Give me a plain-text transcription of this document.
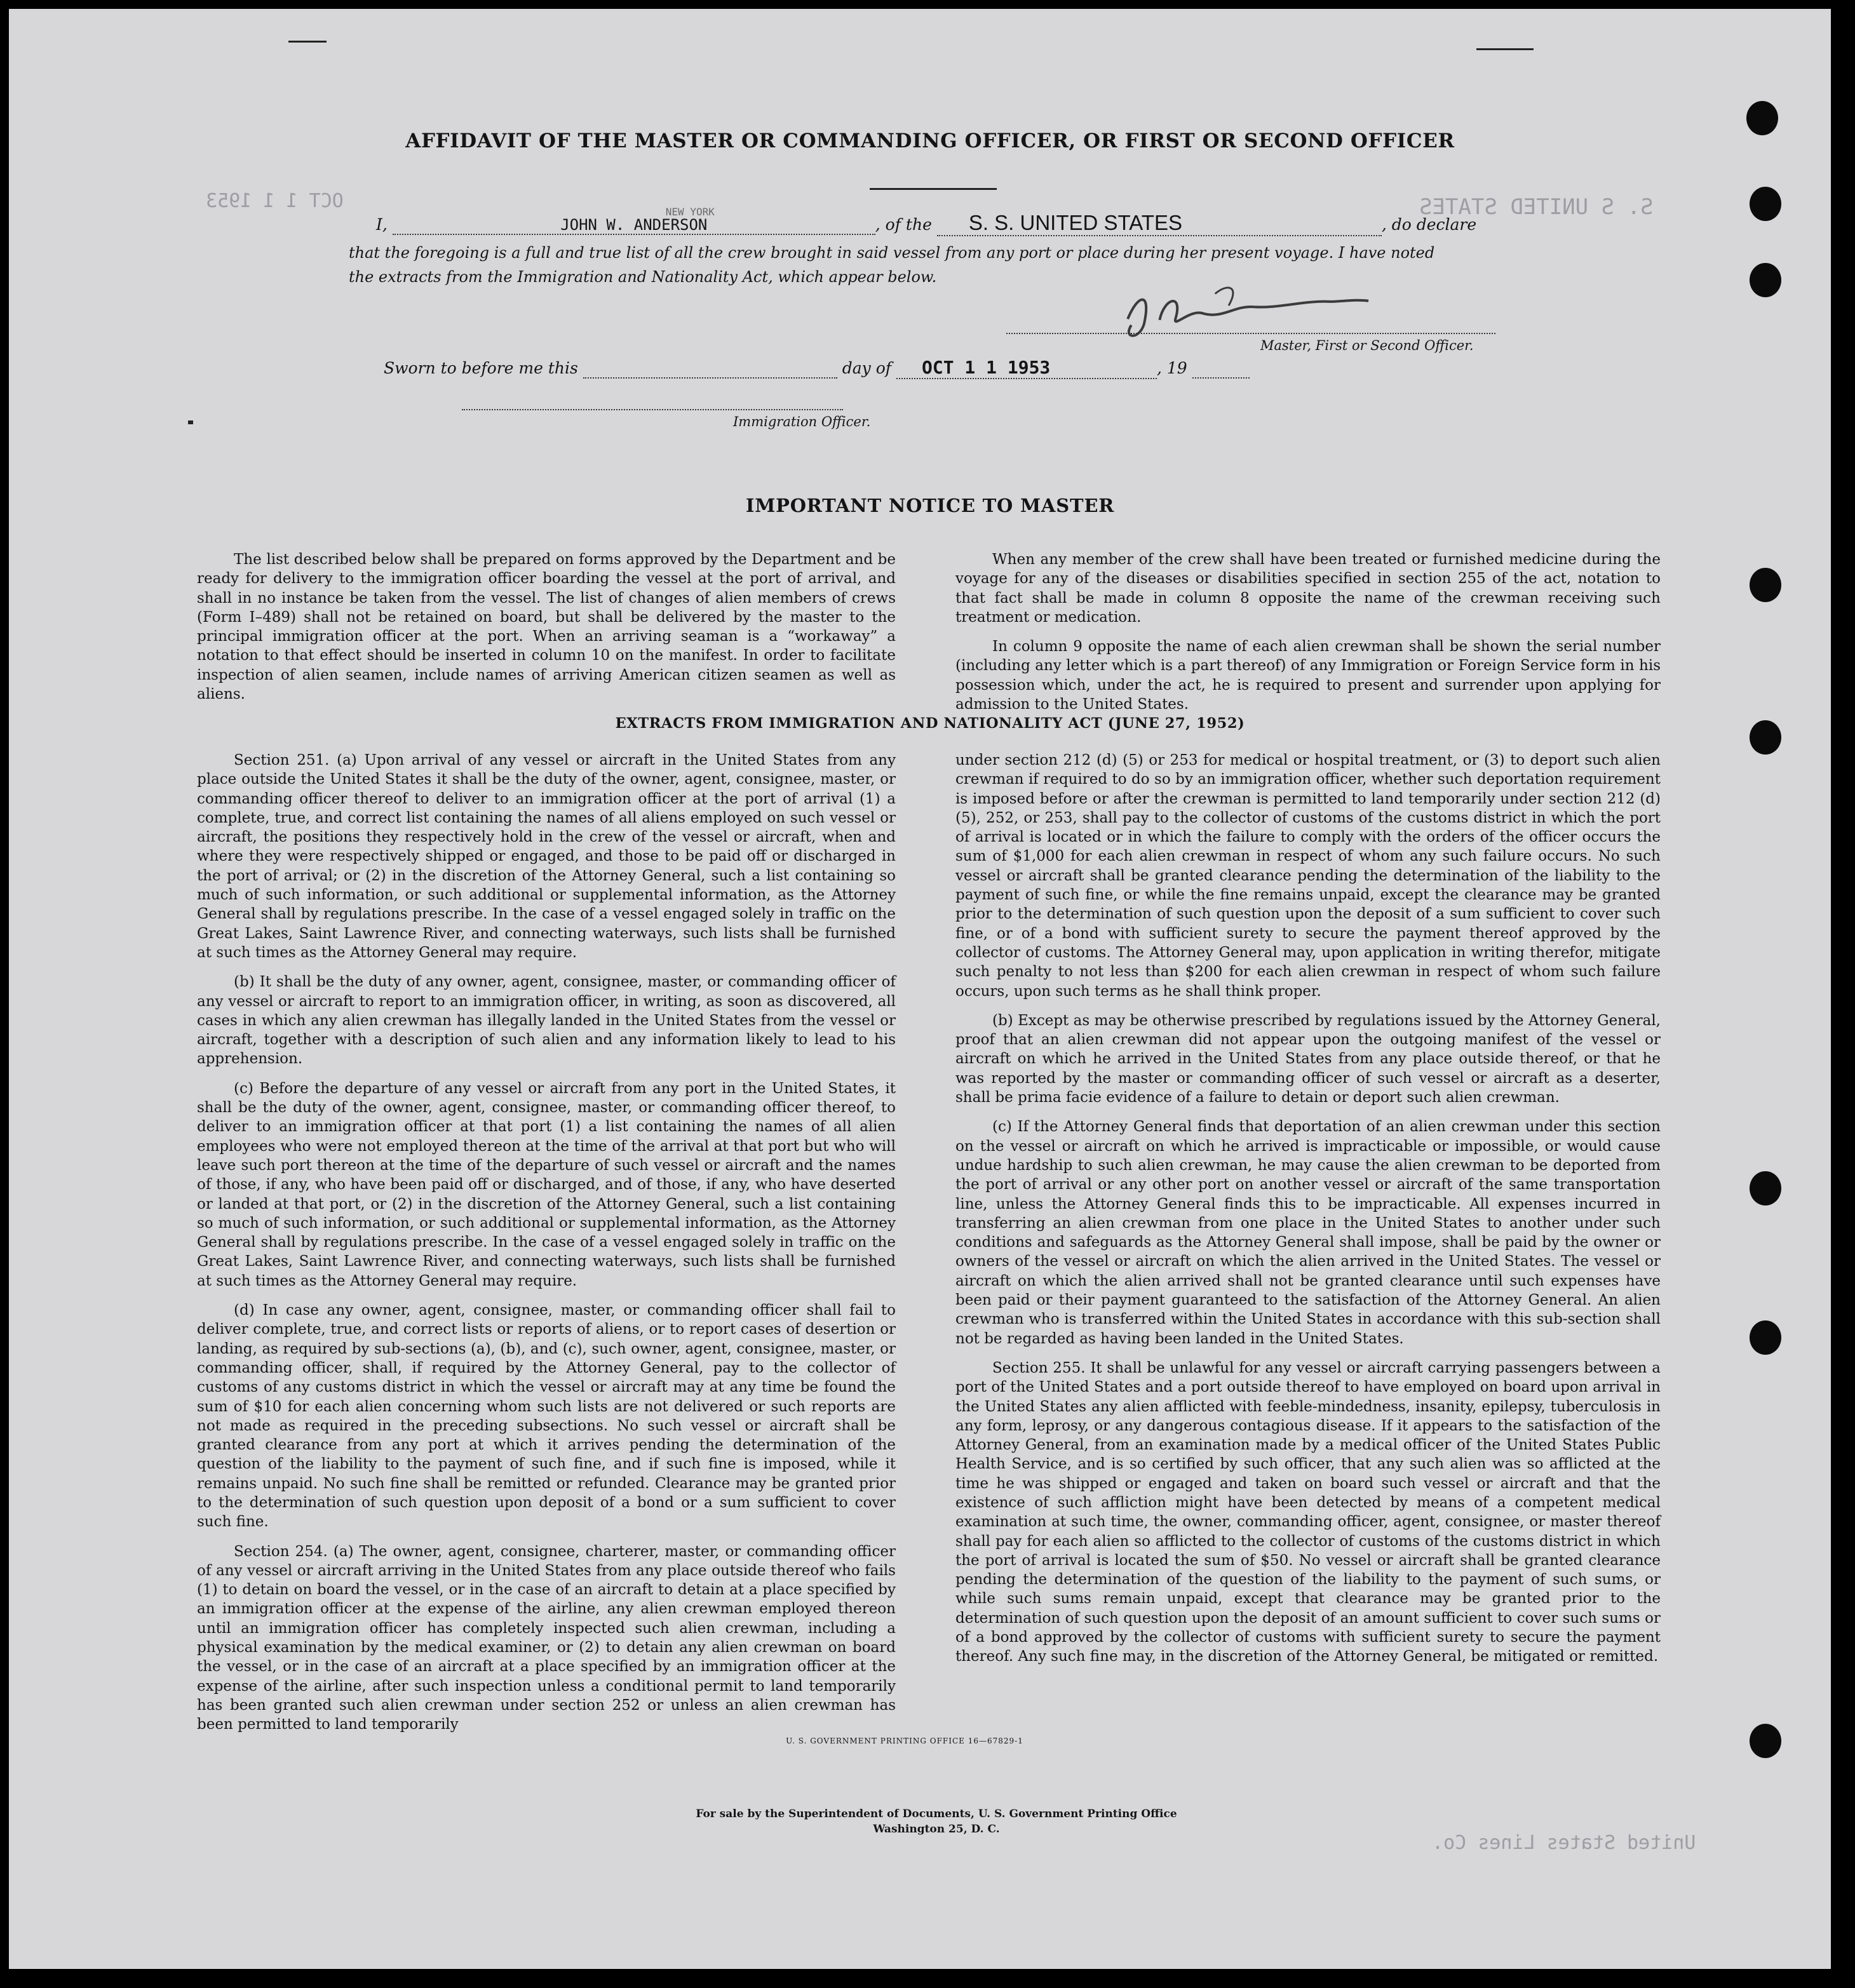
S. S UNITED STATES
OCT 1 1 1953
United States Lines Co.
AFFIDAVIT OF THE MASTER OR COMMANDING OFFICER, OR FIRST OR SECOND OFFICER
I,	JOHN W. ANDERSON
NEW YORK
, of the S. S. UNITED STATES	, do declare
that the foregoing is a full and true list of all the crew brought in said vessel from any port or place during her present voyage. I have noted
the extracts from the Immigration and Nationality Act, which appear below.
Master, First or Second Officer.
Sworn to before me this	day of OCT 1 1 1953	, 19
Immigration Officer.
IMPORTANT NOTICE TO MASTER

The list described below shall be prepared on forms approved by the Department and be ready for delivery to the immigration officer boarding the vessel at the port of arrival, and shall in no instance be taken from the vessel. The list of changes of alien members of crews (Form I–489) shall not be retained on board, but shall be delivered by the master to the principal immigration officer at the port. When an arriving seaman is a “workaway” a notation to that effect should be inserted in column 10 on the manifest. In order to facilitate inspection of alien seamen, include names of arriving American citizen seamen as well as aliens.

When any member of the crew shall have been treated or furnished medicine during the voyage for any of the diseases or disabilities specified in section 255 of the act, notation to that fact shall be made in column 8 opposite the name of the crewman receiving such treatment or medication.

In column 9 opposite the name of each alien crewman shall be shown the serial number (including any letter which is a part thereof) of any Immigration or Foreign Service form in his possession which, under the act, he is required to present and surrender upon applying for admission to the United States.

EXTRACTS FROM IMMIGRATION AND NATIONALITY ACT (JUNE 27, 1952)

Section 251. (a) Upon arrival of any vessel or aircraft in the United States from any place outside the United States it shall be the duty of the owner, agent, consignee, master, or commanding officer thereof to deliver to an immigration officer at the port of arrival (1) a complete, true, and correct list containing the names of all aliens employed on such vessel or aircraft, the positions they respectively hold in the crew of the vessel or aircraft, when and where they were respectively shipped or engaged, and those to be paid off or discharged in the port of arrival; or (2) in the discretion of the Attorney General, such a list containing so much of such information, or such additional or supplemental information, as the Attorney General shall by regulations prescribe. In the case of a vessel engaged solely in traffic on the Great Lakes, Saint Lawrence River, and connecting waterways, such lists shall be furnished at such times as the Attorney General may require.

(b) It shall be the duty of any owner, agent, consignee, master, or commanding officer of any vessel or aircraft to report to an immigration officer, in writing, as soon as discovered, all cases in which any alien crewman has illegally landed in the United States from the vessel or aircraft, together with a description of such alien and any information likely to lead to his apprehension.

(c) Before the departure of any vessel or aircraft from any port in the United States, it shall be the duty of the owner, agent, consignee, master, or commanding officer thereof, to deliver to an immigration officer at that port (1) a list containing the names of all alien employees who were not employed thereon at the time of the arrival at that port but who will leave such port thereon at the time of the departure of such vessel or aircraft and the names of those, if any, who have been paid off or discharged, and of those, if any, who have deserted or landed at that port, or (2) in the discretion of the Attorney General, such a list containing so much of such information, or such additional or supplemental information, as the Attorney General shall by regulations prescribe. In the case of a vessel engaged solely in traffic on the Great Lakes, Saint Lawrence River, and connecting waterways, such lists shall be furnished at such times as the Attorney General may require.

(d) In case any owner, agent, consignee, master, or commanding officer shall fail to deliver complete, true, and correct lists or reports of aliens, or to report cases of desertion or landing, as required by sub-sections (a), (b), and (c), such owner, agent, consignee, master, or commanding officer, shall, if required by the Attorney General, pay to the collector of customs of any customs district in which the vessel or aircraft may at any time be found the sum of $10 for each alien concerning whom such lists are not delivered or such reports are not made as required in the preceding subsections. No such vessel or aircraft shall be granted clearance from any port at which it arrives pending the determination of the question of the liability to the payment of such fine, and if such fine is imposed, while it remains unpaid. No such fine shall be remitted or refunded. Clearance may be granted prior to the determination of such question upon deposit of a bond or a sum sufficient to cover such fine.

Section 254. (a) The owner, agent, consignee, charterer, master, or commanding officer of any vessel or aircraft arriving in the United States from any place outside thereof who fails (1) to detain on board the vessel, or in the case of an aircraft to detain at a place specified by an immigration officer at the expense of the airline, any alien crewman employed thereon until an immigration officer has completely inspected such alien crewman, including a physical examination by the medical examiner, or (2) to detain any alien crewman on board the vessel, or in the case of an aircraft at a place specified by an immigration officer at the expense of the airline, after such inspection unless a conditional permit to land temporarily has been granted such alien crewman under section 252 or unless an alien crewman has been permitted to land temporarily

under section 212 (d) (5) or 253 for medical or hospital treatment, or (3) to deport such alien crewman if required to do so by an immigration officer, whether such deportation requirement is imposed before or after the crewman is permitted to land temporarily under section 212 (d) (5), 252, or 253, shall pay to the collector of customs of the customs district in which the port of arrival is located or in which the failure to comply with the orders of the officer occurs the sum of $1,000 for each alien crewman in respect of whom any such failure occurs. No such vessel or aircraft shall be granted clearance pending the determination of the liability to the payment of such fine, or while the fine remains unpaid, except the clearance may be granted prior to the determination of such question upon the deposit of a sum sufficient to cover such fine, or of a bond with sufficient surety to secure the payment thereof approved by the collector of customs. The Attorney General may, upon application in writing therefor, mitigate such penalty to not less than $200 for each alien crewman in respect of whom such failure occurs, upon such terms as he shall think proper.

(b) Except as may be otherwise prescribed by regulations issued by the Attorney General, proof that an alien crewman did not appear upon the outgoing manifest of the vessel or aircraft on which he arrived in the United States from any place outside thereof, or that he was reported by the master or commanding officer of such vessel or aircraft as a deserter, shall be prima facie evidence of a failure to detain or deport such alien crewman.

(c) If the Attorney General finds that deportation of an alien crewman under this section on the vessel or aircraft on which he arrived is impracticable or impossible, or would cause undue hardship to such alien crewman, he may cause the alien crewman to be deported from the port of arrival or any other port on another vessel or aircraft of the same transportation line, unless the Attorney General finds this to be impracticable. All expenses incurred in transferring an alien crewman from one place in the United States to another under such conditions and safeguards as the Attorney General shall impose, shall be paid by the owner or owners of the vessel or aircraft on which the alien arrived in the United States. The vessel or aircraft on which the alien arrived shall not be granted clearance until such expenses have been paid or their payment guaranteed to the satisfaction of the Attorney General. An alien crewman who is transferred within the United States in accordance with this sub-section shall not be regarded as having been landed in the United States.

Section 255. It shall be unlawful for any vessel or aircraft carrying passengers between a port of the United States and a port outside thereof to have employed on board upon arrival in the United States any alien afflicted with feeble-mindedness, insanity, epilepsy, tuberculosis in any form, leprosy, or any dangerous contagious disease. If it appears to the satisfaction of the Attorney General, from an examination made by a medical officer of the United States Public Health Service, and is so certified by such officer, that any such alien was so afflicted at the time he was shipped or engaged and taken on board such vessel or aircraft and that the existence of such affliction might have been detected by means of a competent medical examination at such time, the owner, commanding officer, agent, consignee, or master thereof shall pay for each alien so afflicted to the collector of customs of the customs district in which the port of arrival is located the sum of $50. No vessel or aircraft shall be granted clearance pending the determination of the question of the liability to the payment of such sums, or while such sums remain unpaid, except that clearance may be granted prior to the determination of such question upon the deposit of an amount sufficient to cover such sums or of a bond approved by the collector of customs with sufficient surety to secure the payment thereof. Any such fine may, in the discretion of the Attorney General, be mitigated or remitted.

U. S. GOVERNMENT PRINTING OFFICE 16—67829-1
For sale by the Superintendent of Documents, U. S. Government Printing Office
Washington 25, D. C.
